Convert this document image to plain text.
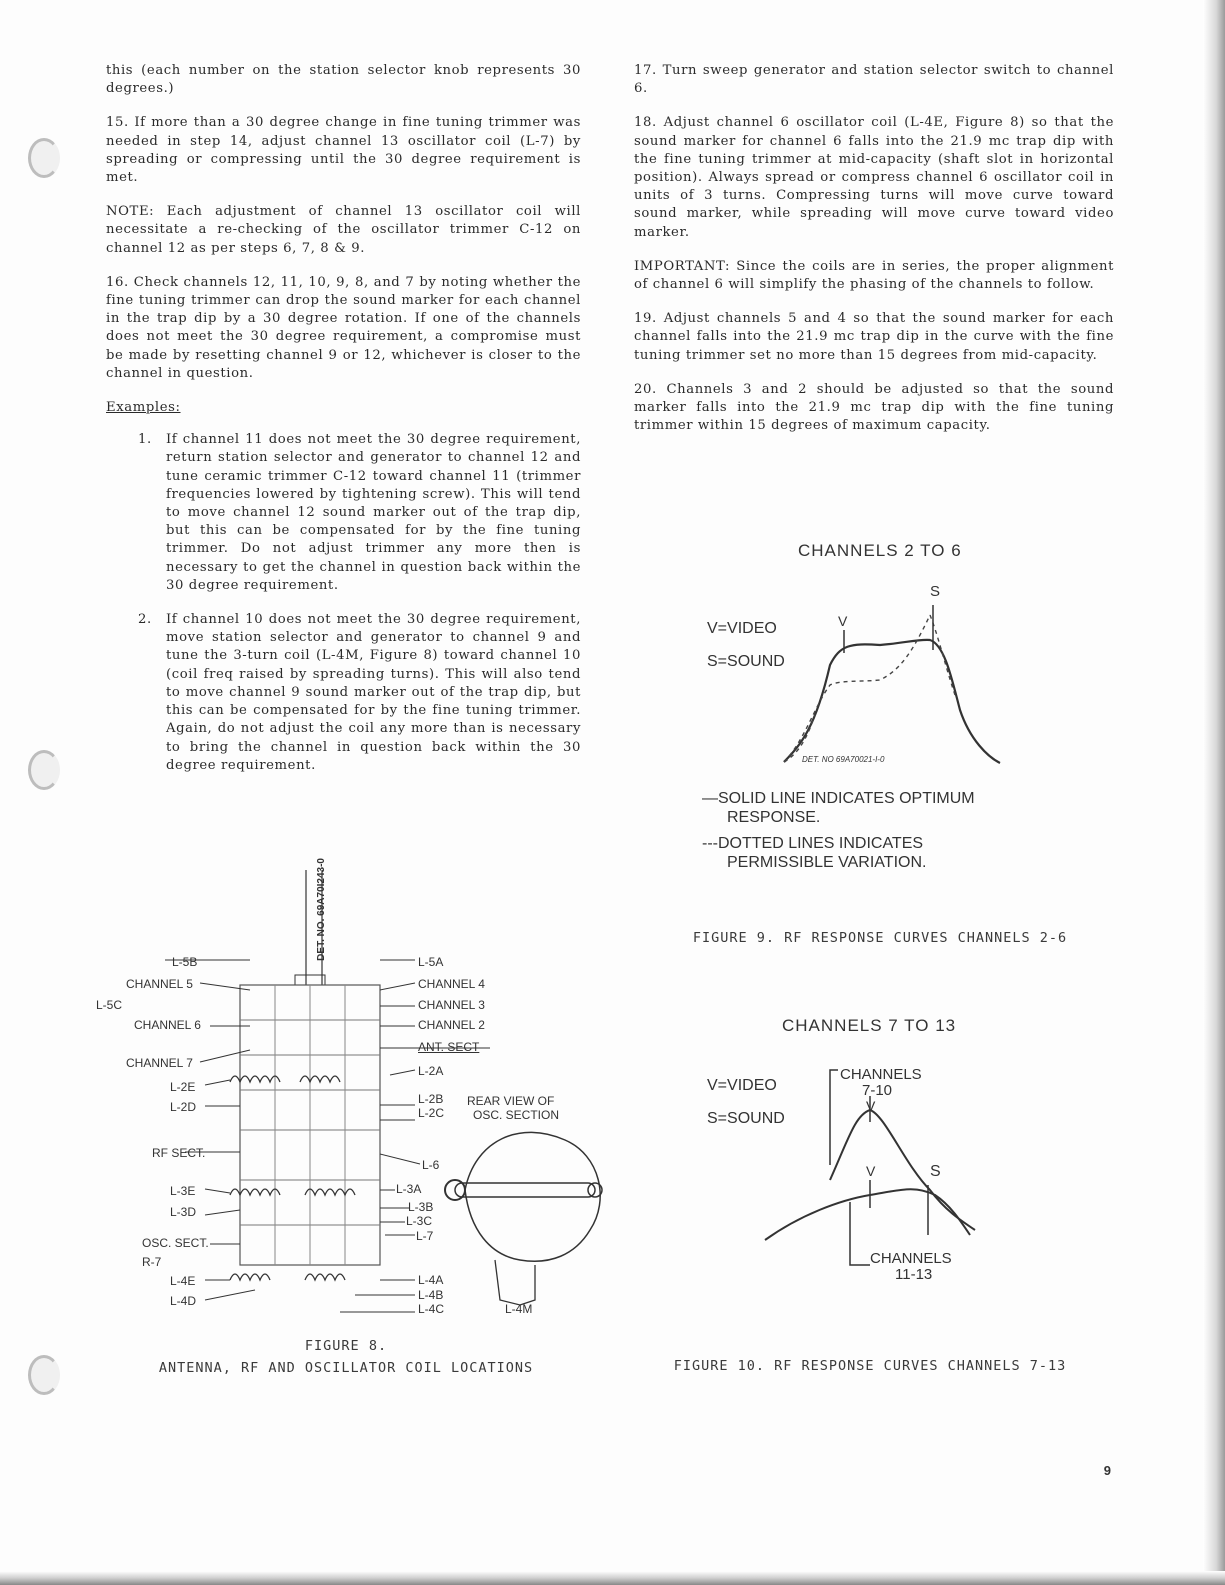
this (each number on the station selector knob represents 30 degrees.)

15. If more than a 30 degree change in fine tuning trimmer was needed in step 14, adjust channel 13 oscillator coil (L-7) by spreading or compressing until the 30 degree requirement is met.

NOTE: Each adjustment of channel 13 oscillator coil will necessitate a re-checking of the oscillator trimmer C-12 on channel 12 as per steps 6, 7, 8 & 9.

16. Check channels 12, 11, 10, 9, 8, and 7 by noting whether the fine tuning trimmer can drop the sound marker for each channel in the trap dip by a 30 degree rotation. If one of the channels does not meet the 30 degree requirement, a compromise must be made by resetting channel 9 or 12, whichever is closer to the channel in question.

Examples:

1. If channel 11 does not meet the 30 degree requirement, return station selector and generator to channel 12 and tune ceramic trimmer C-12 toward channel 11 (trimmer frequencies lowered by tightening screw). This will tend to move channel 12 sound marker out of the trap dip, but this can be compensated for by the fine tuning trimmer. Do not adjust trimmer any more then is necessary to get the channel in question back within the 30 degree requirement.

2. If channel 10 does not meet the 30 degree requirement, move station selector and generator to channel 9 and tune the 3-turn coil (L-4M, Figure 8) toward channel 10 (coil freq raised by spreading turns). This will also tend to move channel 9 sound marker out of the trap dip, but this can be compensated for by the fine tuning trimmer. Again, do not adjust the coil any more than is necessary to bring the channel in question back within the 30 degree requirement.

17. Turn sweep generator and station selector switch to channel 6.

18. Adjust channel 6 oscillator coil (L-4E, Figure 8) so that the sound marker for channel 6 falls into the 21.9 mc trap dip with the fine tuning trimmer at mid-capacity (shaft slot in horizontal position). Always spread or compress channel 6 oscillator coil in units of 3 turns. Compressing turns will move curve toward sound marker, while spreading will move curve toward video marker.

IMPORTANT: Since the coils are in series, the proper alignment of channel 6 will simplify the phasing of the channels to follow.

19. Adjust channels 5 and 4 so that the sound marker for each channel falls into the 21.9 mc trap dip in the curve with the fine tuning trimmer set no more than 15 degrees from mid-capacity.

20. Channels 3 and 2 should be adjusted so that the sound marker falls into the 21.9 mc trap dip with the fine tuning trimmer within 15 degrees of maximum capacity.

CHANNELS 2 TO 6
V=VIDEO
S=SOUND
V
S
DET. NO 69A70021-I-0
—SOLID LINE INDICATES OPTIMUM
RESPONSE.
---DOTTED LINES INDICATES
PERMISSIBLE VARIATION.
FIGURE 9. RF RESPONSE CURVES CHANNELS 2-6
CHANNELS 7 TO 13
V=VIDEO
S=SOUND
CHANNELS
7-10
V
V	S
CHANNELS
11-13
FIGURE 10. RF RESPONSE CURVES CHANNELS 7-13
DET. NO. 69A70I243-0
L-5B
CHANNEL 5
L-5C
CHANNEL 6
CHANNEL 7
L-2E
L-2D
RF SECT.
L-3E
L-3D
OSC. SECT.
R-7
L-4E
L-4D
L-5A
CHANNEL 4
CHANNEL 3
CHANNEL 2
ANT. SECT
L-2A
L-2B
L-2C
L-6
L-3A
L-3B
L-3C
L-7
L-4A
L-4B
L-4C	L-4M
REAR VIEW OF
OSC. SECTION
FIGURE 8.
ANTENNA, RF AND OSCILLATOR COIL LOCATIONS
9
